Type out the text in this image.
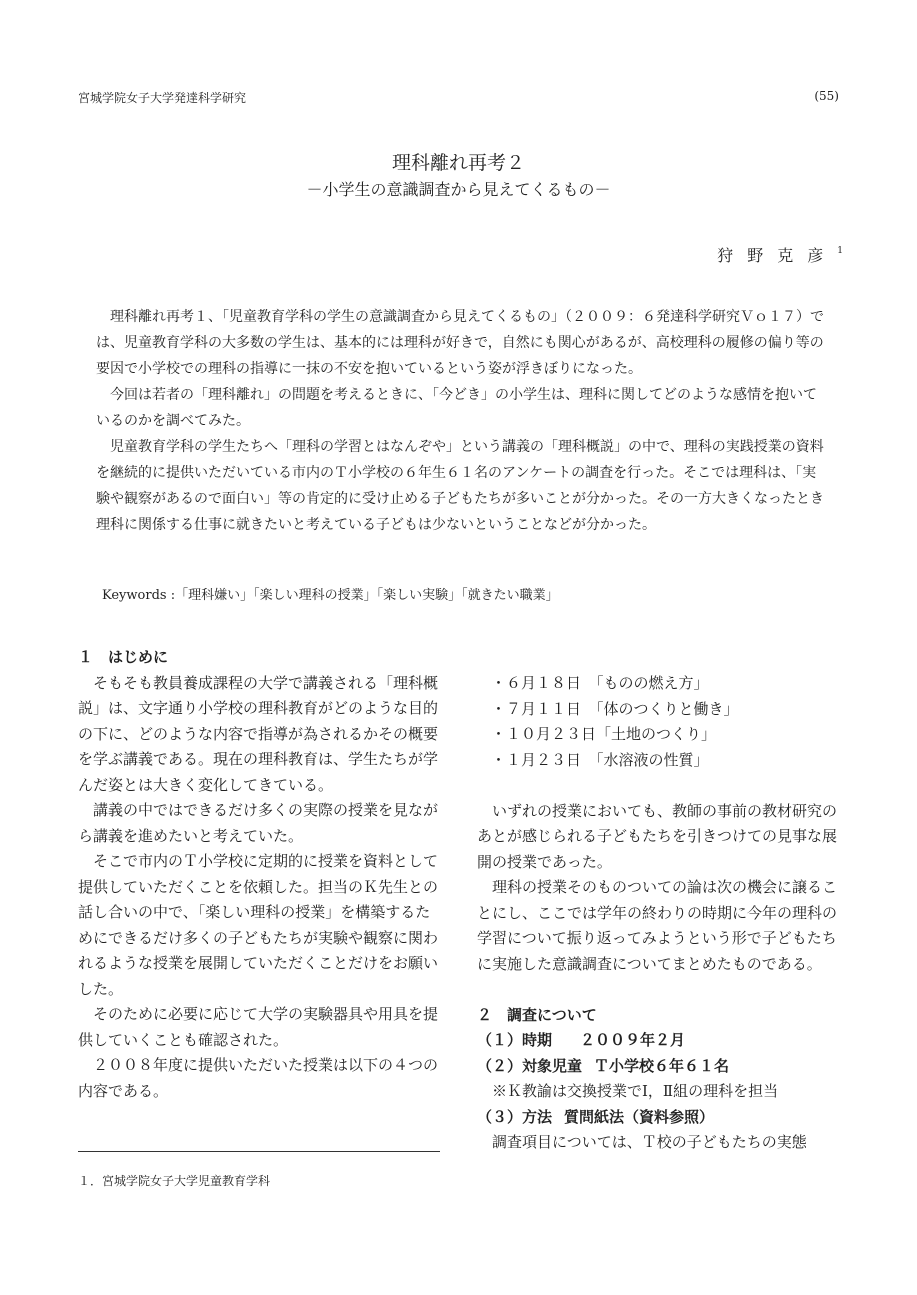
宮城学院女子大学発達科学研究	(55)
理科離れ再考２
－小学生の意識調査から見えてくるもの－
狩野克彦$^1$

理科離れ再考１、「児童教育学科の学生の意識調査から見えてくるもの」（２００９：６発達科学研究Ｖｏ１７）では、児童教育学科の大多数の学生は、基本的には理科が好きで，自然にも関心があるが、高校理科の履修の偏り等の要因で小学校での理科の指導に一抹の不安を抱いているという姿が浮きぼりになった。

今回は若者の「理科離れ」の問題を考えるときに、「今どき」の小学生は、理科に関してどのような感情を抱いているのかを調べてみた。

児童教育学科の学生たちへ「理科の学習とはなんぞや」という講義の「理科概説」の中で、理科の実践授業の資料を継続的に提供いただいている市内のＴ小学校の６年生６１名のアンケートの調査を行った。そこでは理科は、「実験や観察があるので面白い」等の肯定的に受け止める子どもたちが多いことが分かった。その一方大きくなったとき理科に関係する仕事に就きたいと考えている子どもは少ないということなどが分かった。

Keywords :「理科嫌い」「楽しい理科の授業」「楽しい実験」「就きたい職業」
１　はじめに

そもそも教員養成課程の大学で講義される「理科概説」は、文字通り小学校の理科教育がどのような目的の下に、どのような内容で指導が為されるかその概要を学ぶ講義である。現在の理科教育は、学生たちが学んだ姿とは大きく変化してきている。

講義の中ではできるだけ多くの実際の授業を見ながら講義を進めたいと考えていた。

そこで市内のＴ小学校に定期的に授業を資料として提供していただくことを依頼した。担当のＫ先生との話し合いの中で、「楽しい理科の授業」を構築するためにできるだけ多くの子どもたちが実験や観察に関われるような授業を展開していただくことだけをお願いした。

そのために必要に応じて大学の実験器具や用具を提供していくことも確認された。

２００８年度に提供いただいた授業は以下の４つの内容である。

・６月１８日　「ものの燃え方」
・７月１１日　「体のつくりと働き」
・１０月２３日「土地のつくり」
・１月２３日　「水溶液の性質」

いずれの授業においても、教師の事前の教材研究のあとが感じられる子どもたちを引きつけての見事な展開の授業であった。

理科の授業そのものついての論は次の機会に譲ることにし、ここでは学年の終わりの時期に今年の理科の学習について振り返ってみようという形で子どもたちに実施した意識調査についてまとめたものである。

２　調査について
（１）時期 ２００９年２月
（２）対象児童 Ｔ小学校６年６１名

※Ｋ教諭は交換授業でⅠ，Ⅱ組の理科を担当

（３）方法 質問紙法（資料参照）

調査項目については、Ｔ校の子どもたちの実態

１．宮城学院女子大学児童教育学科
